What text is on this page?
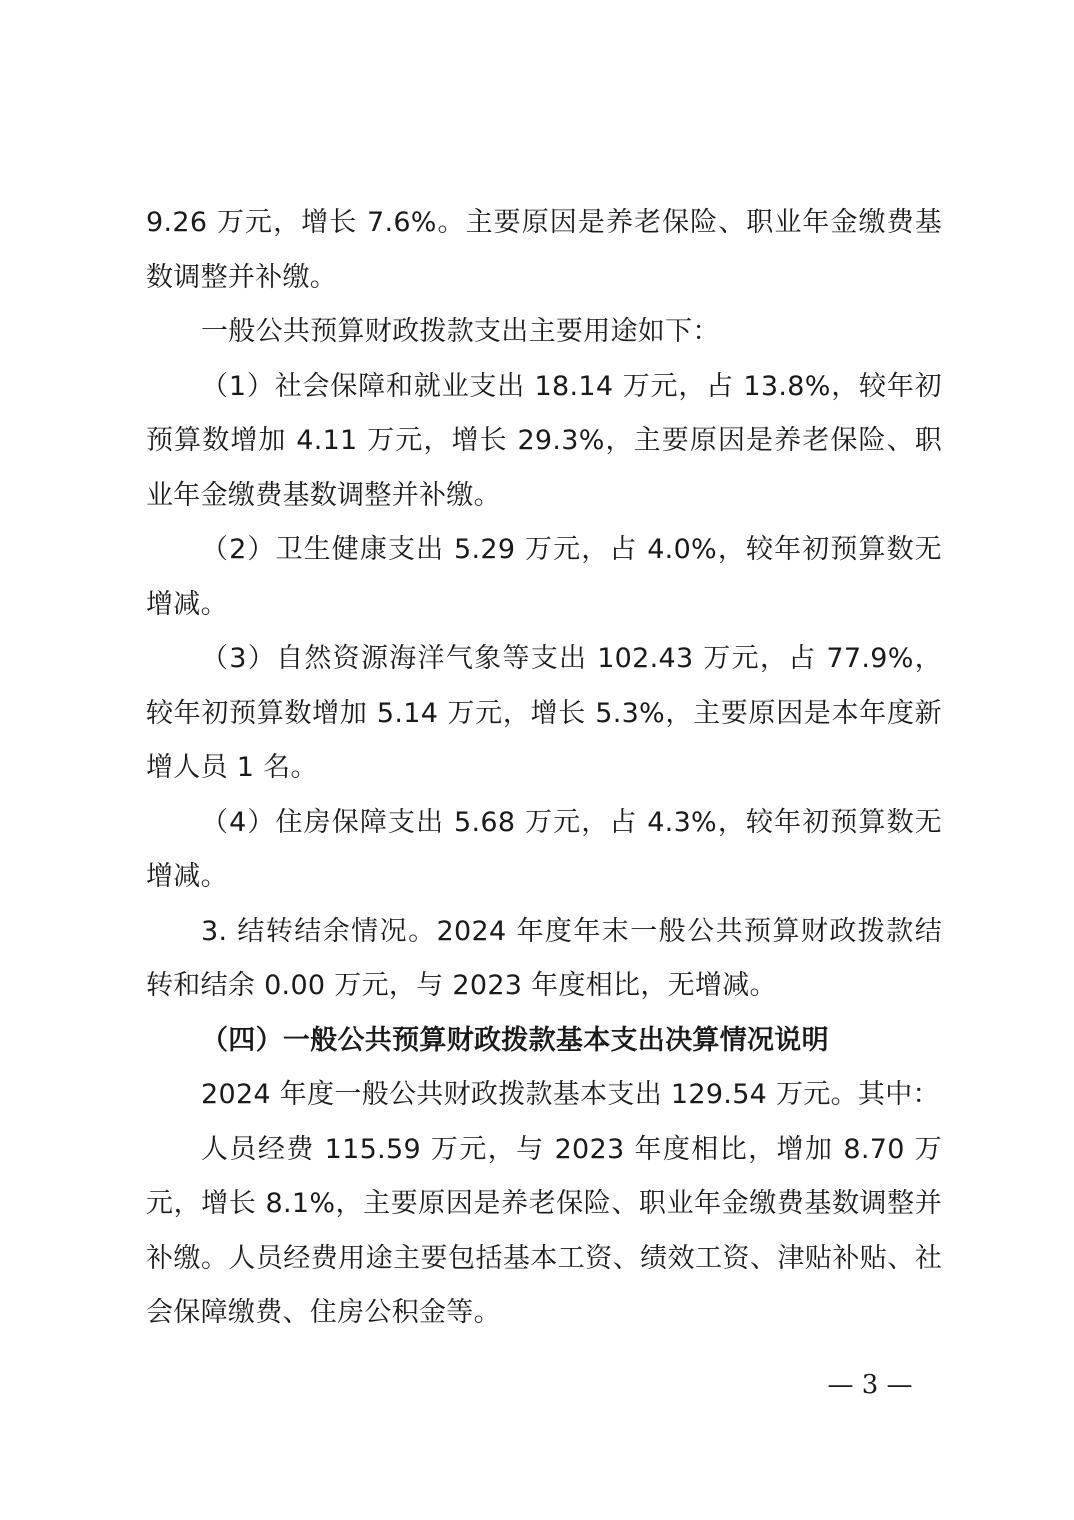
9.26 万元，增长 7.6%。主要原因是养老保险、职业年金缴费基数调整并补缴。

一般公共预算财政拨款支出主要用途如下：

（1）社会保障和就业支出 18.14 万元，占 13.8%，较年初预算数增加 4.11 万元，增长 29.3%，主要原因是养老保险、职业年金缴费基数调整并补缴。

（2）卫生健康支出 5.29 万元，占 4.0%，较年初预算数无增减。

（3）自然资源海洋气象等支出 102.43 万元，占 77.9%，较年初预算数增加 5.14 万元，增长 5.3%，主要原因是本年度新增人员 1 名。

（4）住房保障支出 5.68 万元，占 4.3%，较年初预算数无增减。

3. 结转结余情况。2024 年度年末一般公共预算财政拨款结转和结余 0.00 万元，与 2023 年度相比，无增减。

（四）一般公共预算财政拨款基本支出决算情况说明

2024 年度一般公共财政拨款基本支出 129.54 万元。其中：

人员经费 115.59 万元，与 2023 年度相比，增加 8.70 万元，增长 8.1%，主要原因是养老保险、职业年金缴费基数调整并补缴。人员经费用途主要包括基本工资、绩效工资、津贴补贴、社会保障缴费、住房公积金等。

— 3 —
